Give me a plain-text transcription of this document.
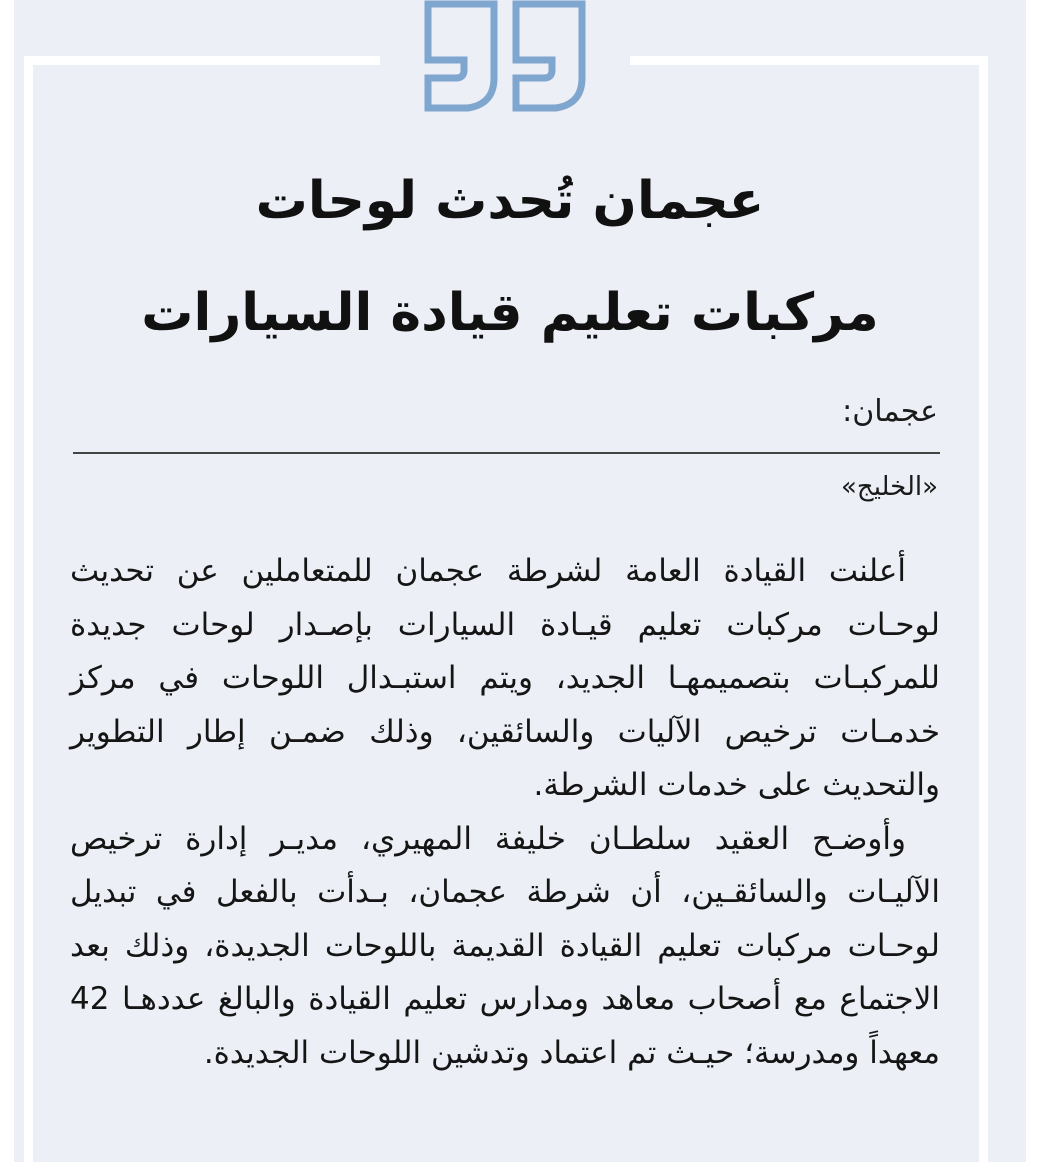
عجمان تُحدث لوحات
مركبات تعليم قيادة السيارات
عجمان:
«الخليج»

أعلنت القيادة العامة لشرطة عجمان للمتعاملين عن تحديث لوحـات مركبات تعليم قيـادة السيارات بإصـدار لوحات جديدة للمركبـات بتصميمهـا الجديد، ويتم استبـدال اللوحات في مركز خدمـات ترخيص الآليات والسائقين، وذلك ضمـن إطار التطوير والتحديث على خدمات الشرطة.

وأوضـح العقيد سلطـان خليفة المهيري، مديـر إدارة ترخيص الآليـات والسائقـين، أن شرطة عجمان، بـدأت بالفعل في تبديل لوحـات مركبات تعليم القيادة القديمة باللوحات الجديدة، وذلك بعد الاجتماع مع أصحاب معاهد ومدارس تعليم القيادة والبالغ عددهـا 42 معهداً ومدرسة؛ حيـث تم اعتماد وتدشين اللوحات الجديدة.
